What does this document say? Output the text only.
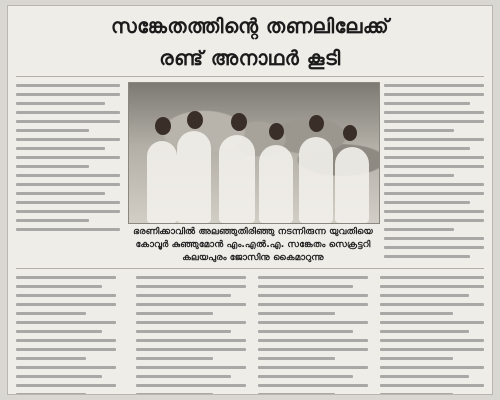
സങ്കേതത്തിന്റെ തണലിലേക്ക്
രണ്ട് അനാഥർ കൂടി
ഭരണിക്കാവിൽ അലഞ്ഞുതിരിഞ്ഞു നടന്നിരുന്ന യുവതിയെ
കോവൂർ കുഞ്ഞുമോൻ എം.എൽ.എ. സങ്കേതം സെക്രട്ടറി
കലയപുരം ജോസിനു കൈമാറുന്നു
